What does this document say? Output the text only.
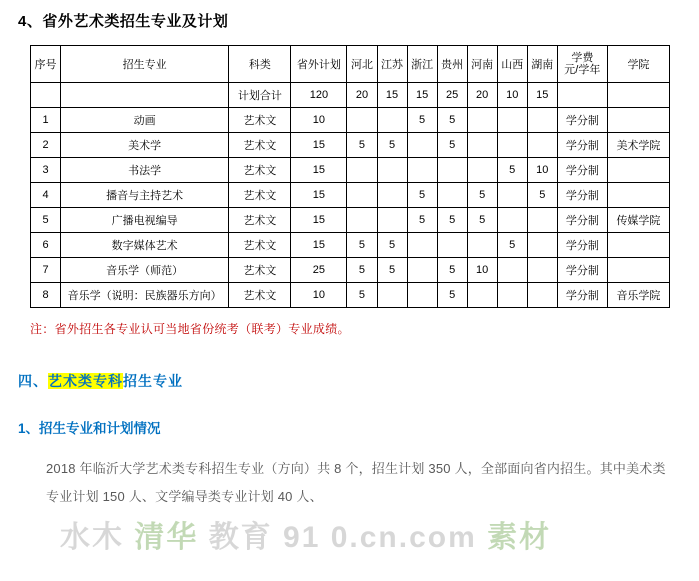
4、省外艺术类招生专业及计划
序号	招生专业	科类	省外计划	河北	江苏	浙江	贵州	河南	山西	湖南	学费
元/学年	学院
		计划合计	120	20	15	15	25	20	10	15		
1	动画	艺术文	10			5	5				学分制	
2	美术学	艺术文	15	5	5		5				学分制	美术学院
3	书法学	艺术文	15						5	10	学分制	
4	播音与主持艺术	艺术文	15			5		5		5	学分制	
5	广播电视编导	艺术文	15			5	5	5			学分制	传媒学院
6	数字媒体艺术	艺术文	15	5	5				5		学分制	
7	音乐学（师范）	艺术文	25	5	5		5	10			学分制	
8	音乐学（说明：民族器乐方向）	艺术文	10	5			5				学分制	音乐学院
注：省外招生各专业认可当地省份统考（联考）专业成绩。
四、艺术类专科招生专业
1、招生专业和计划情况

2018 年临沂大学艺术类专科招生专业（方向）共 8 个，招生计划 350 人，全部面向省内招生。其中美术类专业计划 150 人、文学编导类专业计划 40 人、

水木 清华 教育 91 0.cn.com 素材
